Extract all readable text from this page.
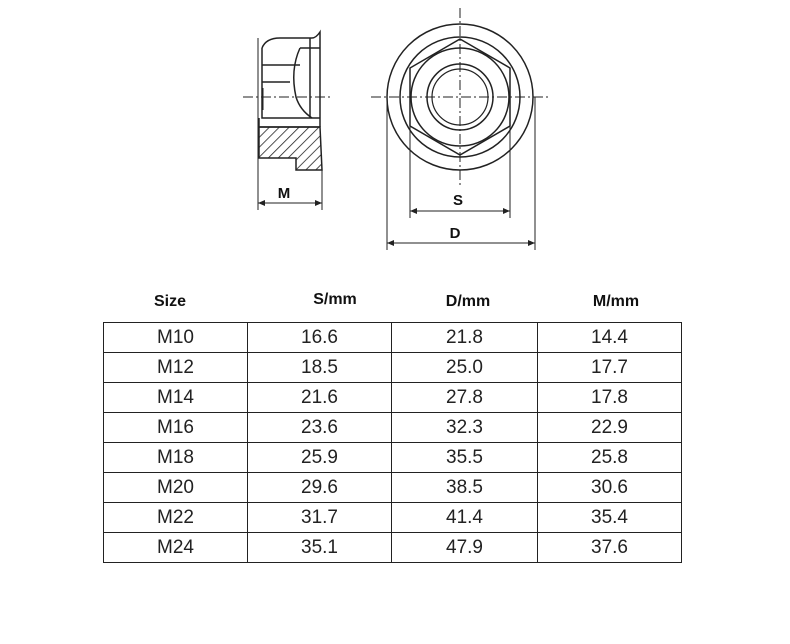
M	S
D
Size	S/mm	D/mm	M/mm
M10	16.6	21.8	14.4
M12	18.5	25.0	17.7
M14	21.6	27.8	17.8
M16	23.6	32.3	22.9
M18	25.9	35.5	25.8
M20	29.6	38.5	30.6
M22	31.7	41.4	35.4
M24	35.1	47.9	37.6
